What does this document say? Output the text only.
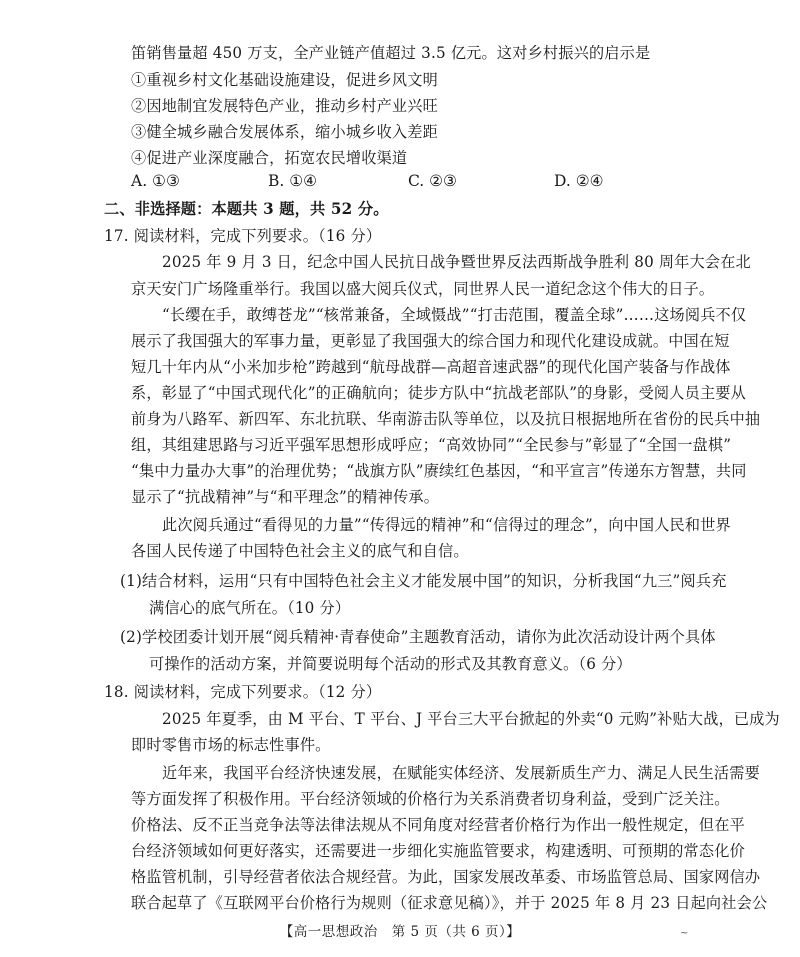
笛销售量超 450 万支，全产业链产值超过 3.5 亿元。这对乡村振兴的启示是
①重视乡村文化基础设施建设，促进乡风文明
②因地制宜发展特色产业，推动乡村产业兴旺
③健全城乡融合发展体系，缩小城乡收入差距
④促进产业深度融合，拓宽农民增收渠道
A. ①③	B. ①④	C. ②③	D. ②④
二、非选择题：本题共 3 题，共 52 分。
17. 阅读材料，完成下列要求。（16 分）
2025 年 9 月 3 日，纪念中国人民抗日战争暨世界反法西斯战争胜利 80 周年大会在北
京天安门广场隆重举行。我国以盛大阅兵仪式，同世界人民一道纪念这个伟大的日子。
“长缨在手，敢缚苍龙”“核常兼备，全域慑战”“打击范围，覆盖全球”……这场阅兵不仅
展示了我国强大的军事力量，更彰显了我国强大的综合国力和现代化建设成就。中国在短
短几十年内从“小米加步枪”跨越到“航母战群—高超音速武器”的现代化国产装备与作战体
系，彰显了“中国式现代化”的正确航向；徒步方队中“抗战老部队”的身影，受阅人员主要从
前身为八路军、新四军、东北抗联、华南游击队等单位，以及抗日根据地所在省份的民兵中抽
组，其组建思路与习近平强军思想形成呼应；“高效协同”“全民参与”彰显了“全国一盘棋”
“集中力量办大事”的治理优势；“战旗方队”赓续红色基因，“和平宣言”传递东方智慧，共同
显示了“抗战精神”与“和平理念”的精神传承。
此次阅兵通过“看得见的力量”“传得远的精神”和“信得过的理念”，向中国人民和世界
各国人民传递了中国特色社会主义的底气和自信。
(1)结合材料，运用“只有中国特色社会主义才能发展中国”的知识，分析我国“九三”阅兵充
满信心的底气所在。（10 分）
(2)学校团委计划开展“阅兵精神·青春使命”主题教育活动，请你为此次活动设计两个具体
可操作的活动方案，并简要说明每个活动的形式及其教育意义。（6 分）
18. 阅读材料，完成下列要求。（12 分）
2025 年夏季，由 M 平台、T 平台、J 平台三大平台掀起的外卖“0 元购”补贴大战，已成为
即时零售市场的标志性事件。
近年来，我国平台经济快速发展，在赋能实体经济、发展新质生产力、满足人民生活需要
等方面发挥了积极作用。平台经济领域的价格行为关系消费者切身利益，受到广泛关注。
价格法、反不正当竞争法等法律法规从不同角度对经营者价格行为作出一般性规定，但在平
台经济领域如何更好落实，还需要进一步细化实施监管要求，构建透明、可预期的常态化价
格监管机制，引导经营者依法合规经营。为此，国家发展改革委、市场监管总局、国家网信办
联合起草了《互联网平台价格行为规则（征求意见稿）》，并于 2025 年 8 月 23 日起向社会公
【高一思想政治　第 5 页（共 6 页）】	~
